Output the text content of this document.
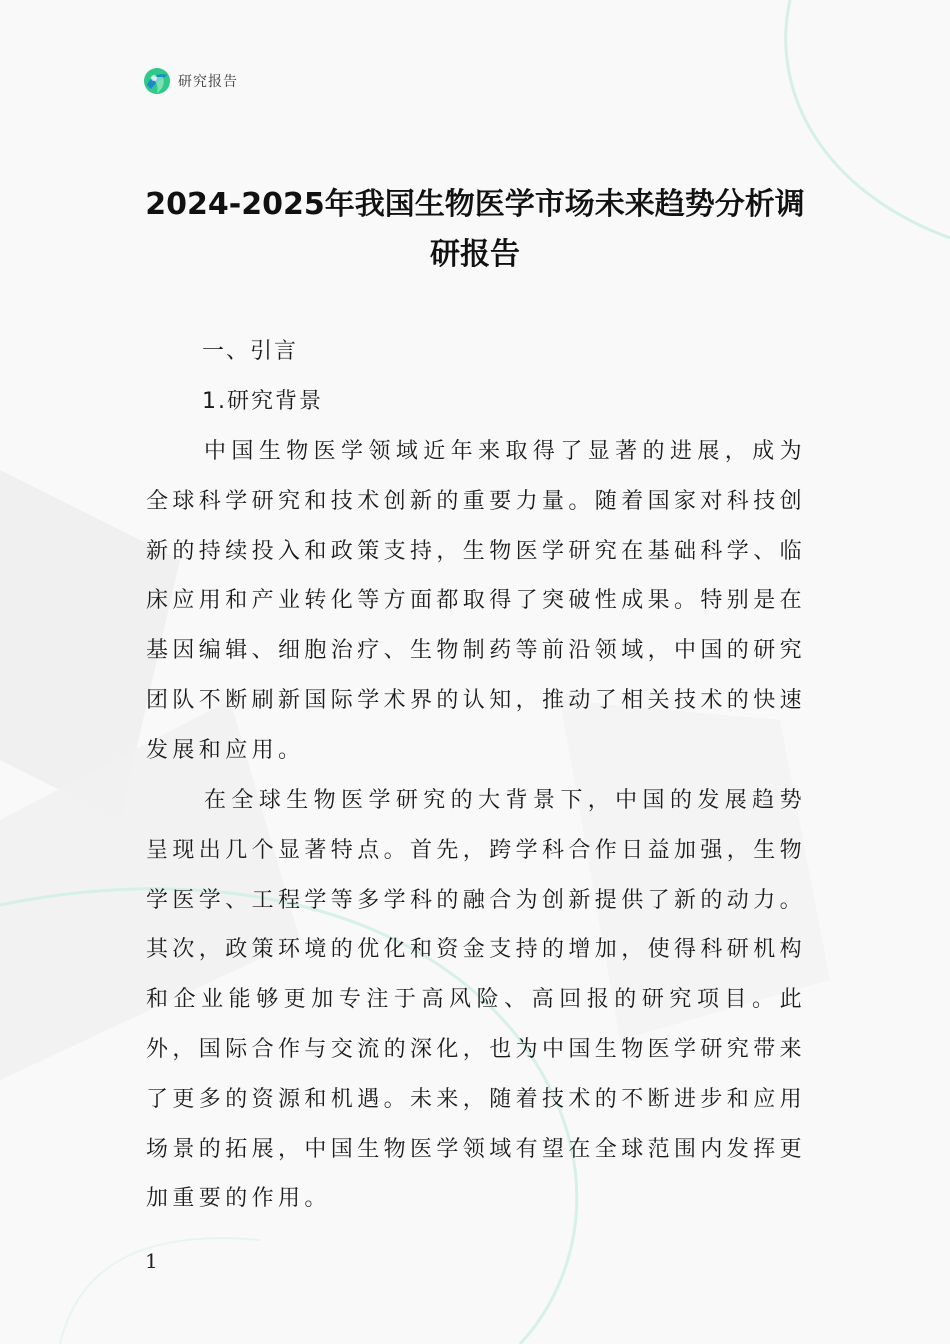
研究报告
2024-2025年我国生物医学市场未来趋势分析调
研报告
一、引言
1.研究背景

中国生物医学领域近年来取得了显著的进展，成为全球科学研究和技术创新的重要力量。随着国家对科技创新的持续投入和政策支持，生物医学研究在基础科学、临床应用和产业转化等方面都取得了突破性成果。特别是在基因编辑、细胞治疗、生物制药等前沿领域，中国的研究团队不断刷新国际学术界的认知，推动了相关技术的快速发展和应用。

在全球生物医学研究的大背景下，中国的发展趋势呈现出几个显著特点。首先，跨学科合作日益加强，生物学医学、工程学等多学科的融合为创新提供了新的动力。其次，政策环境的优化和资金支持的增加，使得科研机构和企业能够更加专注于高风险、高回报的研究项目。此外，国际合作与交流的深化，也为中国生物医学研究带来了更多的资源和机遇。未来，随着技术的不断进步和应用场景的拓展，中国生物医学领域有望在全球范围内发挥更加重要的作用。

1
